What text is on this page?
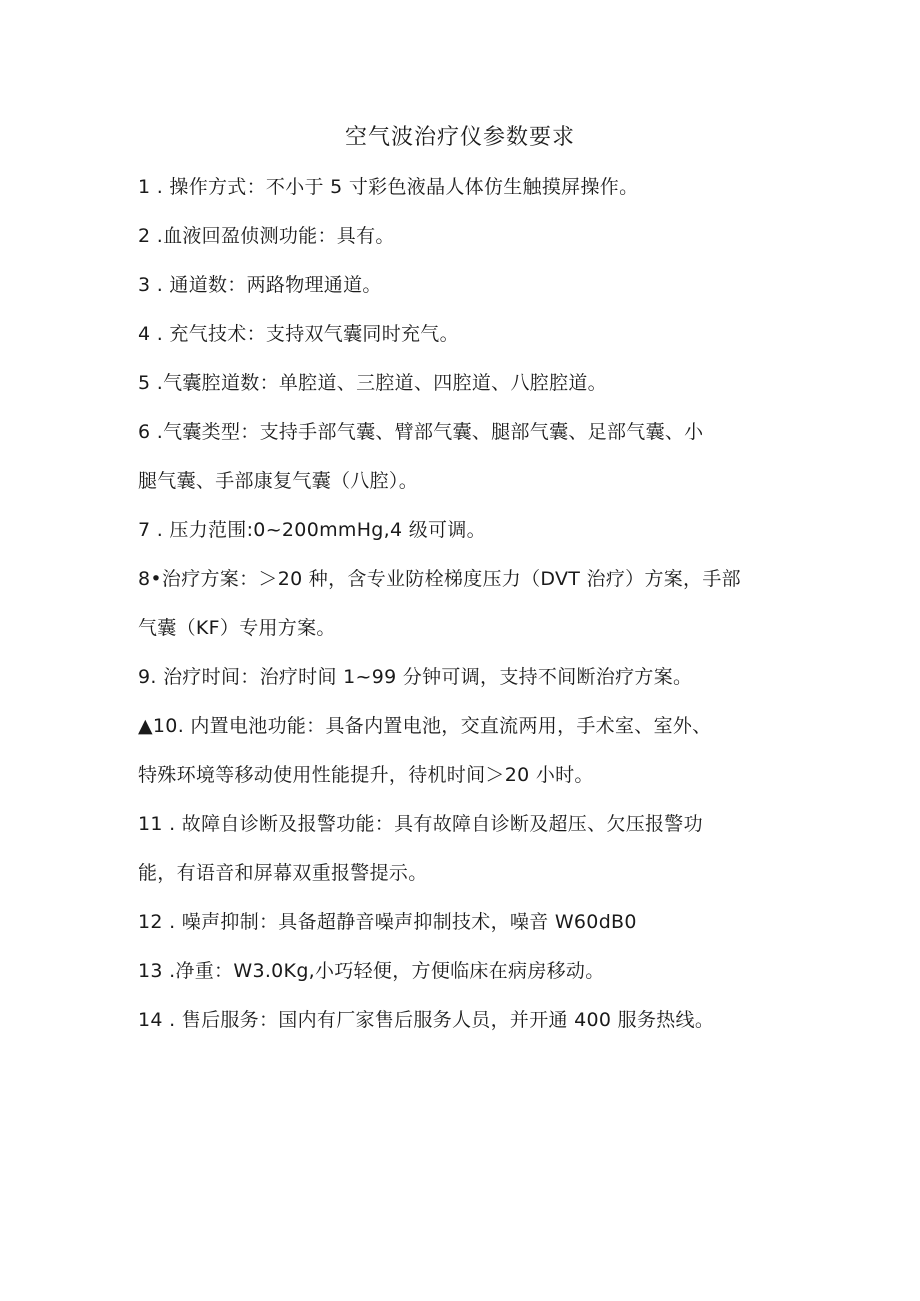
空气波治疗仪参数要求
1 . 操作方式：不小于 5 寸彩色液晶人体仿生触摸屏操作。
2 .血液回盈侦测功能：具有。
3 . 通道数：两路物理通道。
4 . 充气技术：支持双气囊同时充气。
5 .气囊腔道数：单腔道、三腔道、四腔道、八腔腔道。
6 .气囊类型：支持手部气囊、臂部气囊、腿部气囊、足部气囊、小
腿气囊、手部康复气囊（八腔）。
7 . 压力范围:0~200mmHg,4 级可调。
8•治疗方案：＞20 种，含专业防栓梯度压力（DVT 治疗）方案，手部
气囊（KF）专用方案。
9. 治疗时间：治疗时间 1~99 分钟可调，支持不间断治疗方案。
▲10. 内置电池功能：具备内置电池，交直流两用，手术室、室外、
特殊环境等移动使用性能提升，待机时间＞20 小时。
11 . 故障自诊断及报警功能：具有故障自诊断及超压、欠压报警功
能，有语音和屏幕双重报警提示。
12 . 噪声抑制：具备超静音噪声抑制技术，噪音 W60dB0
13 .净重：W3.0Kg,小巧轻便，方便临床在病房移动。
14 . 售后服务：国内有厂家售后服务人员，并开通 400 服务热线。
